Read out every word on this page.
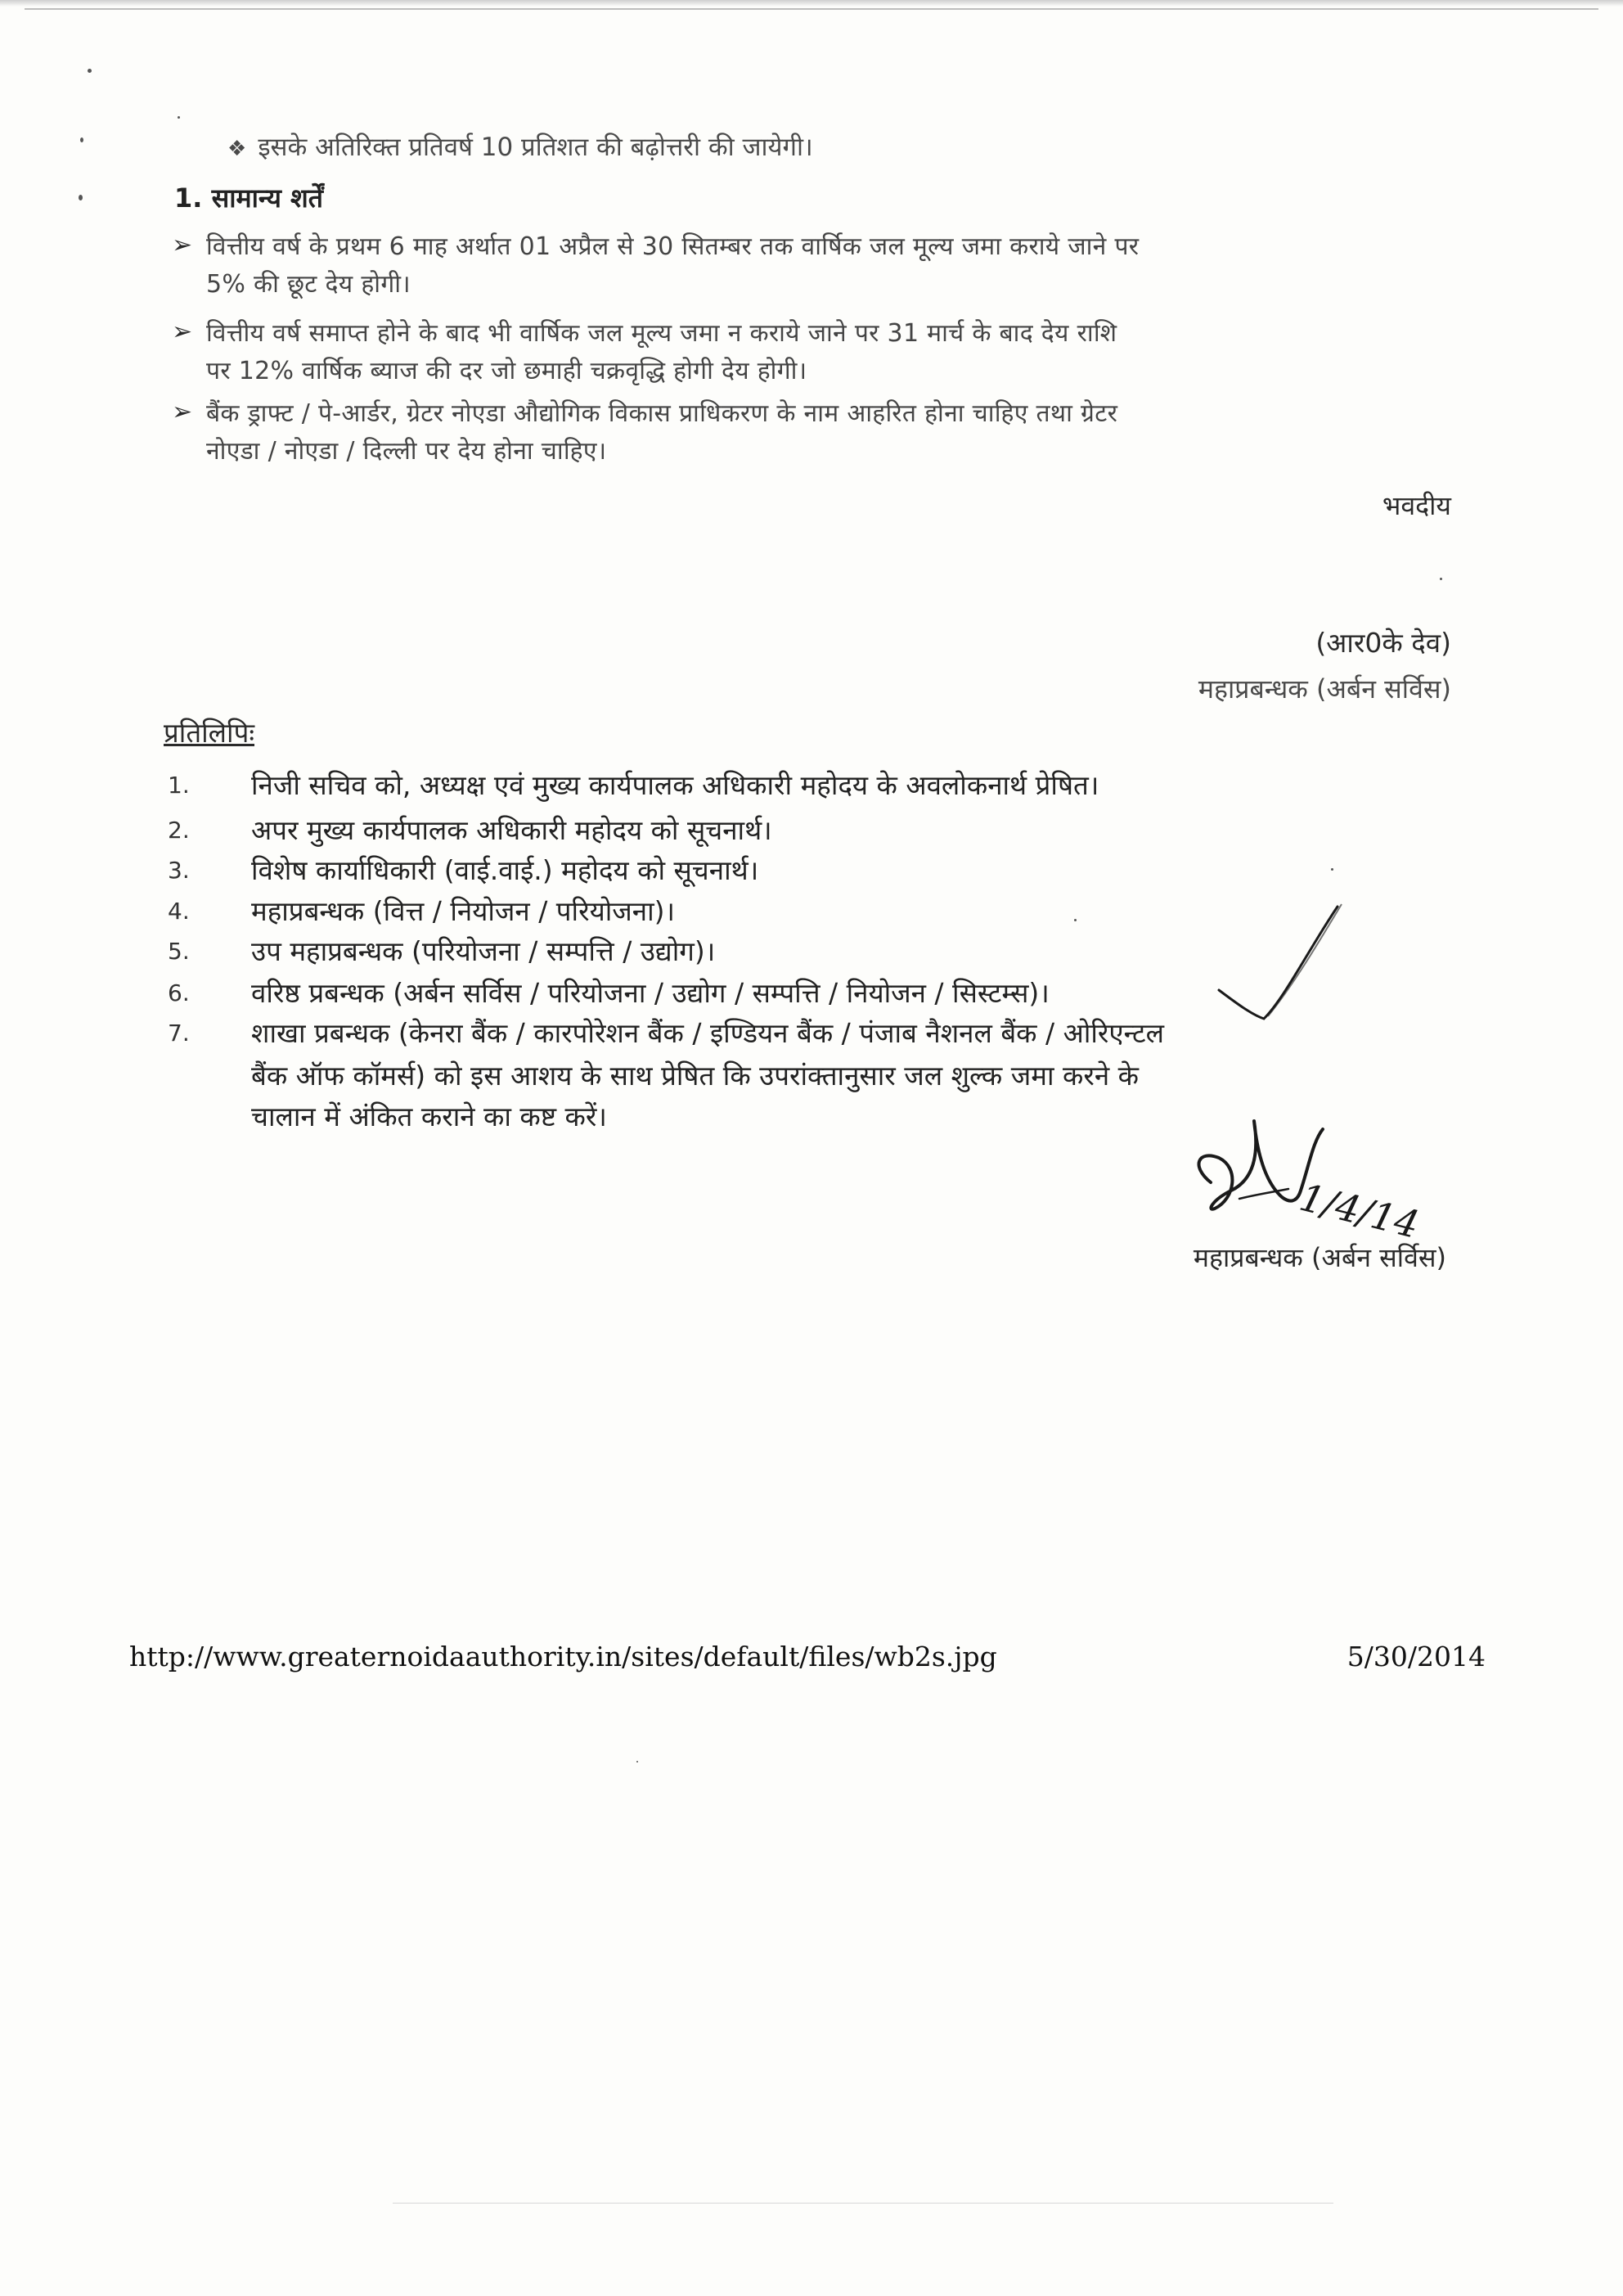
❖ इसके अतिरिक्त प्रतिवर्ष 10 प्रतिशत की बढ़ोत्तरी की जायेगी।
1. सामान्य शर्तें
➢ वित्तीय वर्ष के प्रथम 6 माह अर्थात 01 अप्रैल से 30 सितम्बर तक वार्षिक जल मूल्य जमा कराये जाने पर
5% की छूट देय होगी।
➢ वित्तीय वर्ष समाप्त होने के बाद भी वार्षिक जल मूल्य जमा न कराये जाने पर 31 मार्च के बाद देय राशि
पर 12% वार्षिक ब्याज की दर जो छमाही चक्रवृद्धि होगी देय होगी।
➢ बैंक ड्राफ्ट / पे-आर्डर, ग्रेटर नोएडा औद्योगिक विकास प्राधिकरण के नाम आहरित होना चाहिए तथा ग्रेटर
नोएडा / नोएडा / दिल्ली पर देय होना चाहिए।
भवदीय
(आर0के देव)
महाप्रबन्धक (अर्बन सर्विस)
प्रतिलिपिः
1. निजी सचिव को, अध्यक्ष एवं मुख्य कार्यपालक अधिकारी महोदय के अवलोकनार्थ प्रेषित।
2. अपर मुख्य कार्यपालक अधिकारी महोदय को सूचनार्थ।
3. विशेष कार्याधिकारी (वाई.वाई.) महोदय को सूचनार्थ।
4. महाप्रबन्धक (वित्त / नियोजन / परियोजना)।
5. उप महाप्रबन्धक (परियोजना / सम्पत्ति / उद्योग)।
6. वरिष्ठ प्रबन्धक (अर्बन सर्विस / परियोजना / उद्योग / सम्पत्ति / नियोजन / सिस्टम्स)।
7. शाखा प्रबन्धक (केनरा बैंक / कारपोरेशन बैंक / इण्डियन बैंक / पंजाब नैशनल बैंक / ओरिएन्टल
बैंक ऑफ कॉमर्स) को इस आशय के साथ प्रेषित कि उपरांक्तानुसार जल शुल्क जमा करने के
चालान में अंकित कराने का कष्ट करें।
1/4/14
महाप्रबन्धक (अर्बन सर्विस)
http://www.greaternoidaauthority.in/sites/default/files/wb2s.jpg	5/30/2014
